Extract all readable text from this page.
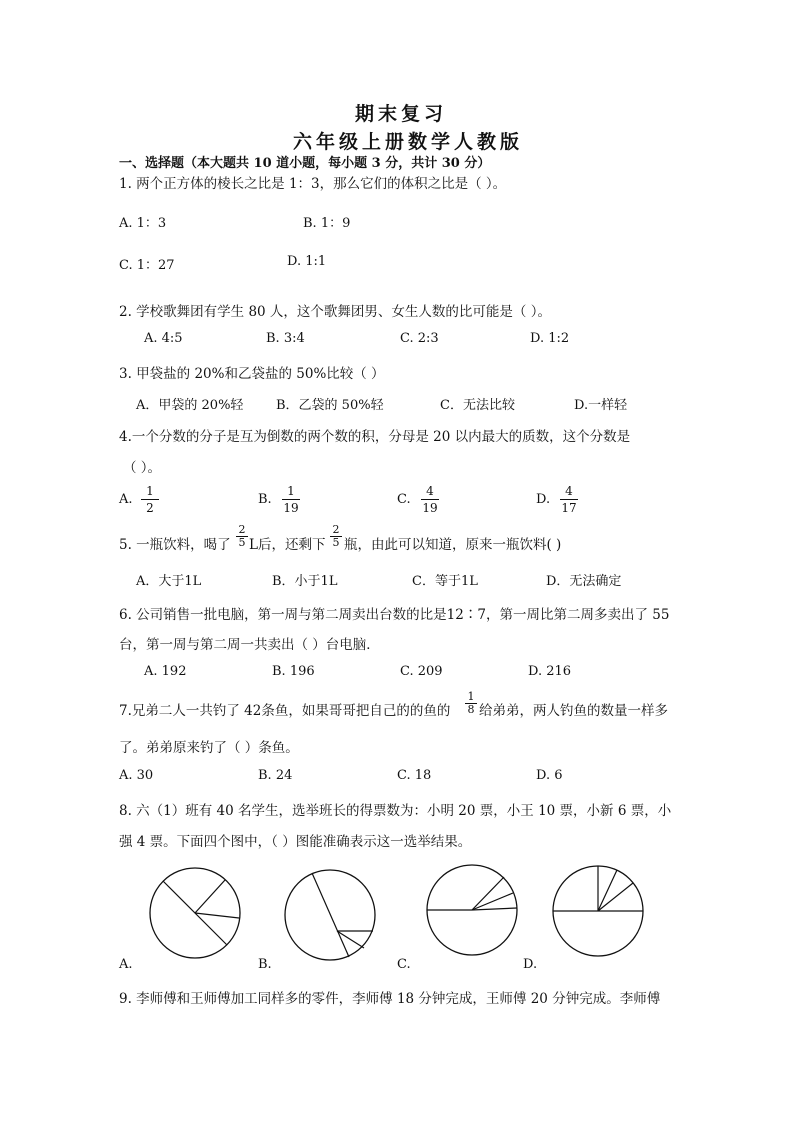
期末复习
六年级上册数学人教版
一、选择题（本大题共 10 道小题，每小题 3 分，共计 30 分）
1. 两个正方体的棱长之比是 1：3，那么它们的体积之比是（ ）。
A. 1：3	B. 1：9
C. 1：27	D. 1:1
2. 学校歌舞团有学生 80 人，这个歌舞团男、女生人数的比可能是（ ）。
A. 4:5	B. 3:4	C. 2:3	D. 1:2
3. 甲袋盐的 20%和乙袋盐的 50%比较（ ）
A．甲袋的 20%轻	B．乙袋的 50%轻	C．无法比较	D.一样轻
4.一个分数的分子是互为倒数的两个数的积，分母是 20 以内最大的质数，这个分数是
（ ）。
A. $\frac{1}{2}$	B. $\frac{1}{19}$	C. $\frac{4}{19}$	D. $\frac{4}{17}$
5. 一瓶饮料，喝了 $\frac{2}{5}$ L后，还剩下 $\frac{2}{5}$ 瓶，由此可以知道，原来一瓶饮料( )
A．大于1L	B．小于1L	C．等于1L	D．无法确定
6. 公司销售一批电脑，第一周与第二周卖出台数的比是12∶7，第一周比第二周多卖出了 55
台，第一周与第二周一共卖出（ ）台电脑．
A. 192	B. 196	C. 209	D. 216
7.兄弟二人一共钓了 42条鱼，如果哥哥把自己的的鱼的 $\frac{1}{8}$ 给弟弟，两人钓鱼的数量一样多
了。弟弟原来钓了（ ）条鱼。
A. 30	B. 24	C. 18	D. 6
8. 六（1）班有 40 名学生，选举班长的得票数为：小明 20 票，小王 10 票，小新 6 票，小
强 4 票。下面四个图中，（ ）图能准确表示这一选举结果。
A.	B.	C.	D.
9. 李师傅和王师傅加工同样多的零件，李师傅 18 分钟完成，王师傅 20 分钟完成。李师傅
